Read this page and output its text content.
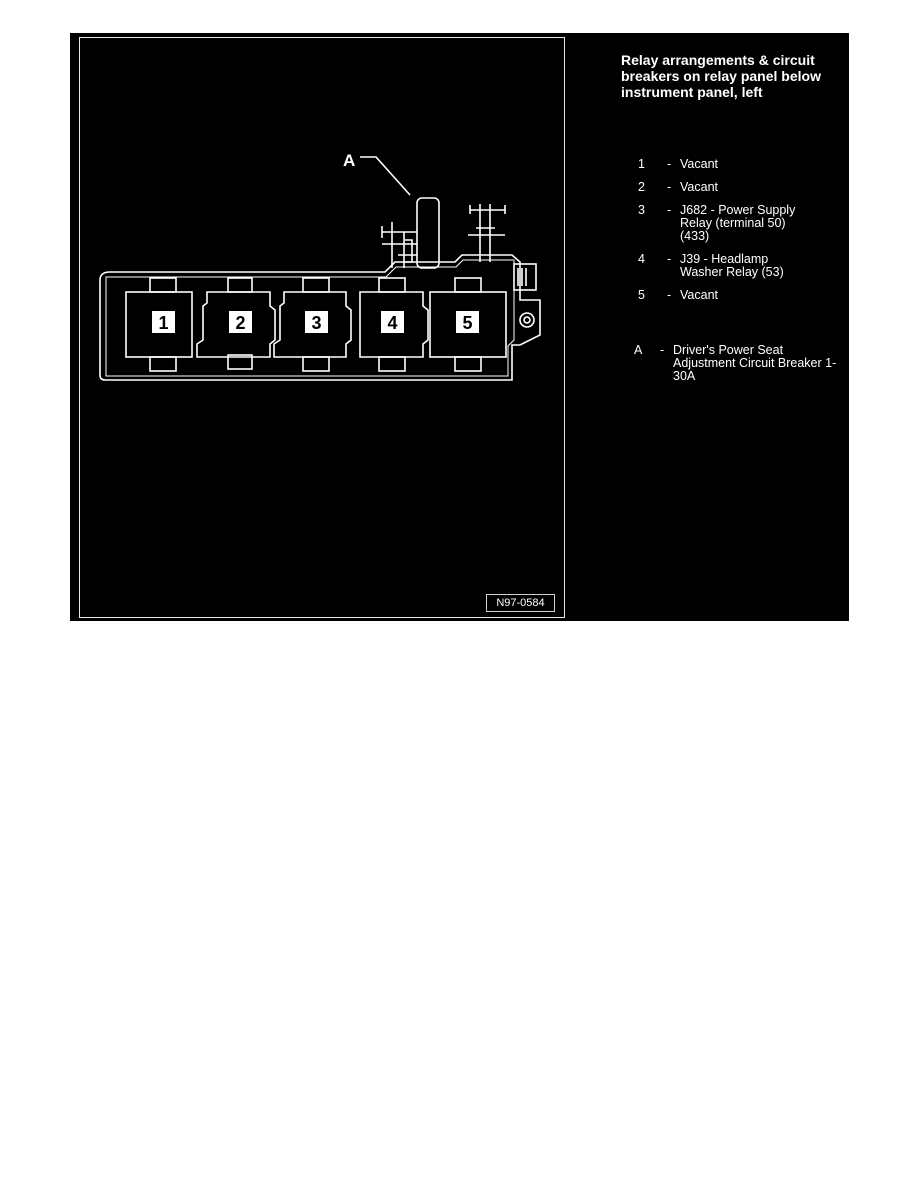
1	2	3	4	5
A
N97-0584
Relay arrangements & circuit breakers on relay panel below instrument panel, left
1 - Vacant
2 - Vacant
3 - J682 - Power Supply Relay (terminal 50) (433)
4 - J39 - Headlamp Washer Relay (53)
5 - Vacant
A - Driver's Power Seat Adjustment Circuit Breaker 1- 30A
